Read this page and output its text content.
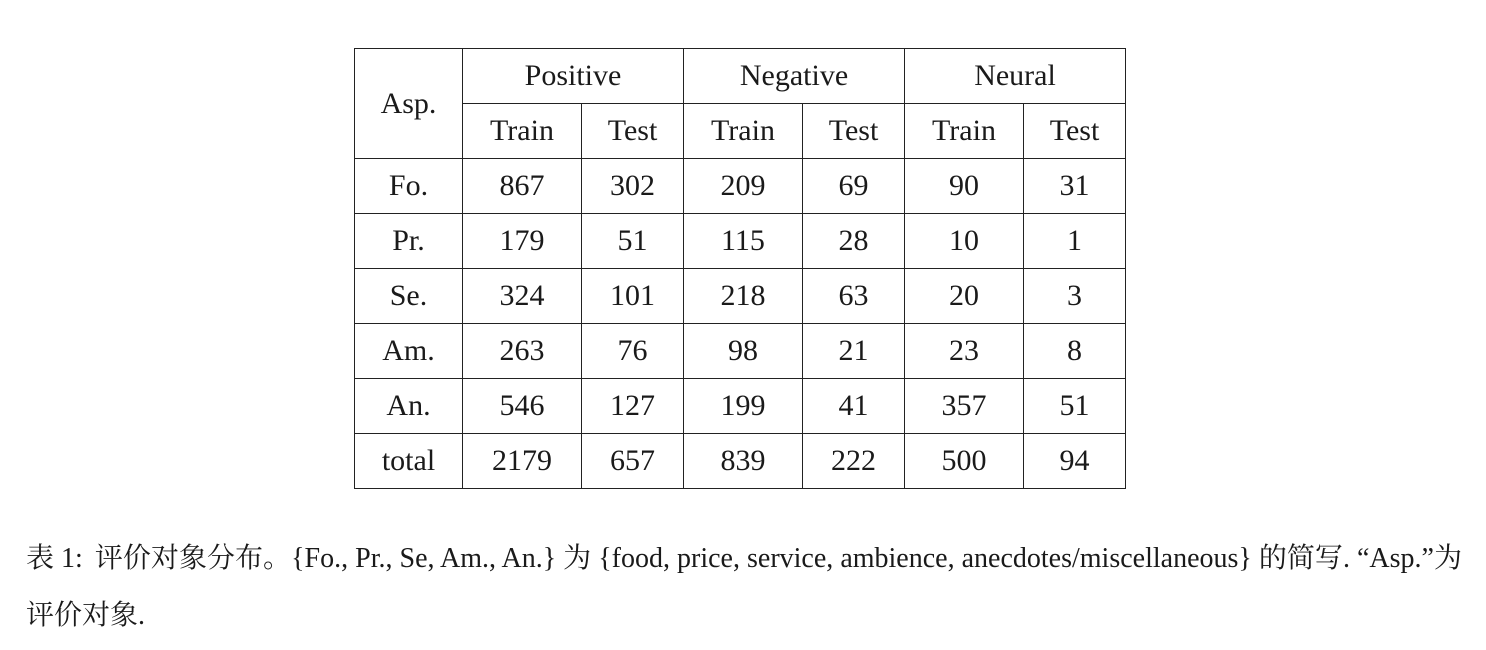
Asp.	Positive		Negative		Neural	
	Train	Test	Train	Test	Train	Test
Fo.	867	302	209	69	90	31
Pr.	179	51	115	28	10	1
Se.	324	101	218	63	20	3
Am.	263	76	98	21	23	8
An.	546	127	199	41	357	51
total	2179	657	839	222	500	94
表 1: 评价对象分布。{Fo., Pr., Se, Am., An.} 为 {food, price, service, ambience, anecdotes/miscellaneous} 的简写. “Asp.”为评价对象.
